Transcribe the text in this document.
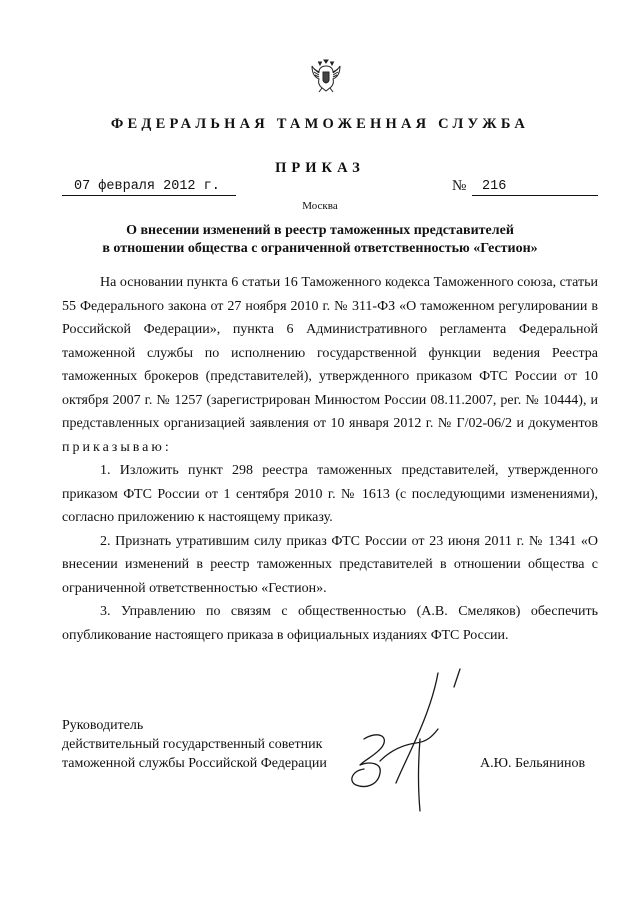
ФЕДЕРАЛЬНАЯ ТАМОЖЕННАЯ СЛУЖБА
ПРИКАЗ
07 февраля 2012 г.	№	216
Москва
О внесении изменений в реестр таможенных представителей
в отношении общества с ограниченной ответственностью «Гестион»

На основании пункта 6 статьи 16 Таможенного кодекса Таможенного союза, статьи 55 Федерального закона от 27 ноября 2010 г. № 311-ФЗ «О таможенном регулировании в Российской Федерации», пункта 6 Административного регламента Федеральной таможенной службы по исполнению государственной функции ведения Реестра таможенных брокеров (представителей), утвержденного приказом ФТС России от 10 октября 2007 г. № 1257 (зарегистрирован Минюстом России 08.11.2007, рег. № 10444), и представленных организацией заявления от 10 января 2012 г. № Г/02-06/2 и документов приказываю:

1. Изложить пункт 298 реестра таможенных представителей, утвержденного приказом ФТС России от 1 сентября 2010 г. № 1613 (с последующими изменениями), согласно приложению к настоящему приказу.

2. Признать утратившим силу приказ ФТС России от 23 июня 2011 г. № 1341 «О внесении изменений в реестр таможенных представителей в отношении общества с ограниченной ответственностью «Гестион».

3. Управлению по связям с общественностью (А.В. Смеляков) обеспечить опубликование настоящего приказа в официальных изданиях ФТС России.

Руководитель
действительный государственный советник
таможенной службы Российской Федерации	А.Ю. Бельянинов
